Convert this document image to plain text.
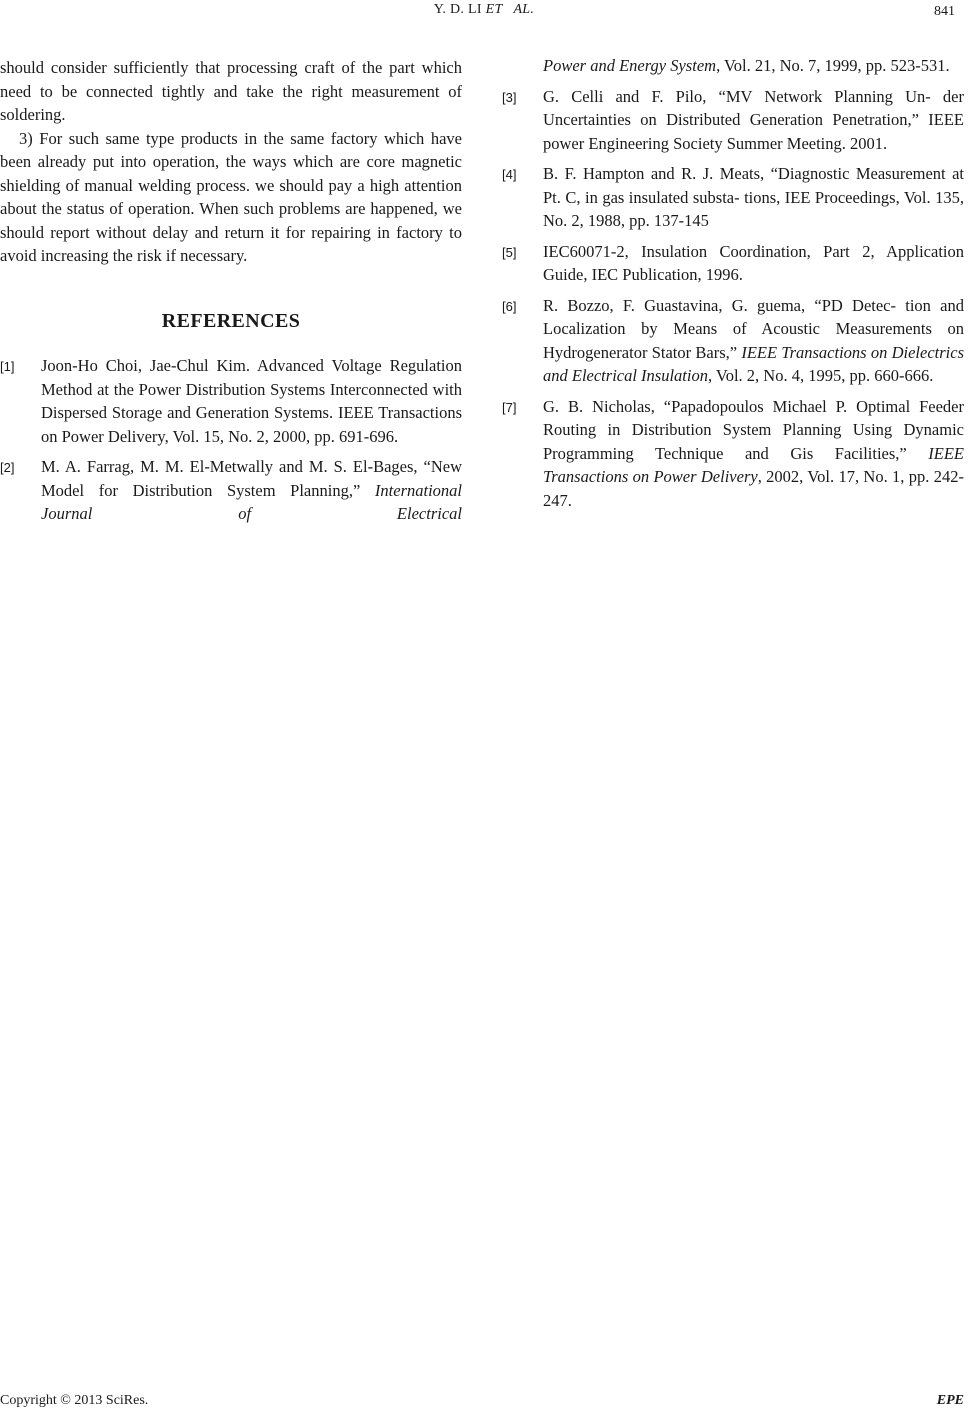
Y. D. LI ET   AL.	841

should consider sufficiently that processing craft of the part which need to be connected tightly and take the right measurement of soldering.

3) For such same type products in the same factory which have been already put into operation, the ways which are core magnetic shielding of manual welding process. we should pay a high attention about the status of operation. When such problems are happened, we should report without delay and return it for repairing in factory to avoid increasing the risk if necessary.

REFERENCES
[1] Joon-Ho Choi, Jae-Chul Kim. Advanced Voltage Regulation Method at the Power Distribution Systems Interconnected with Dispersed Storage and Generation Systems. IEEE Transactions on Power Delivery, Vol. 15, No. 2, 2000, pp. 691-696.
[2] M. A. Farrag, M. M. El-Metwally and M. S. El-Bages, “New Model for Distribution System Planning,” International Journal of Electrical
Power and Energy System, Vol. 21, No. 7, 1999, pp. 523-531.
[3] G. Celli and F. Pilo, “MV Network Planning Un- der Uncertainties on Distributed Generation Penetration,” IEEE power Engineering Society Summer Meeting. 2001.
[4] B. F. Hampton and R. J. Meats, “Diagnostic Measurement at Pt. C, in gas insulated substa- tions, IEE Proceedings, Vol. 135, No. 2, 1988, pp. 137-145
[5] IEC60071-2, Insulation Coordination, Part 2, Application Guide, IEC Publication, 1996.
[6] R. Bozzo, F. Guastavina, G. guema, “PD Detec- tion and Localization by Means of Acoustic Measurements on Hydrogenerator Stator Bars,” IEEE Transactions on Dielectrics and Electrical Insulation, Vol. 2, No. 4, 1995, pp. 660-666.
[7] G. B. Nicholas, “Papadopoulos Michael P. Optimal Feeder Routing in Distribution System Planning Using Dynamic Programming Technique and Gis Facilities,” IEEE Transactions on Power Delivery, 2002, Vol. 17, No. 1, pp. 242-247.
Copyright © 2013 SciRes.	EPE
